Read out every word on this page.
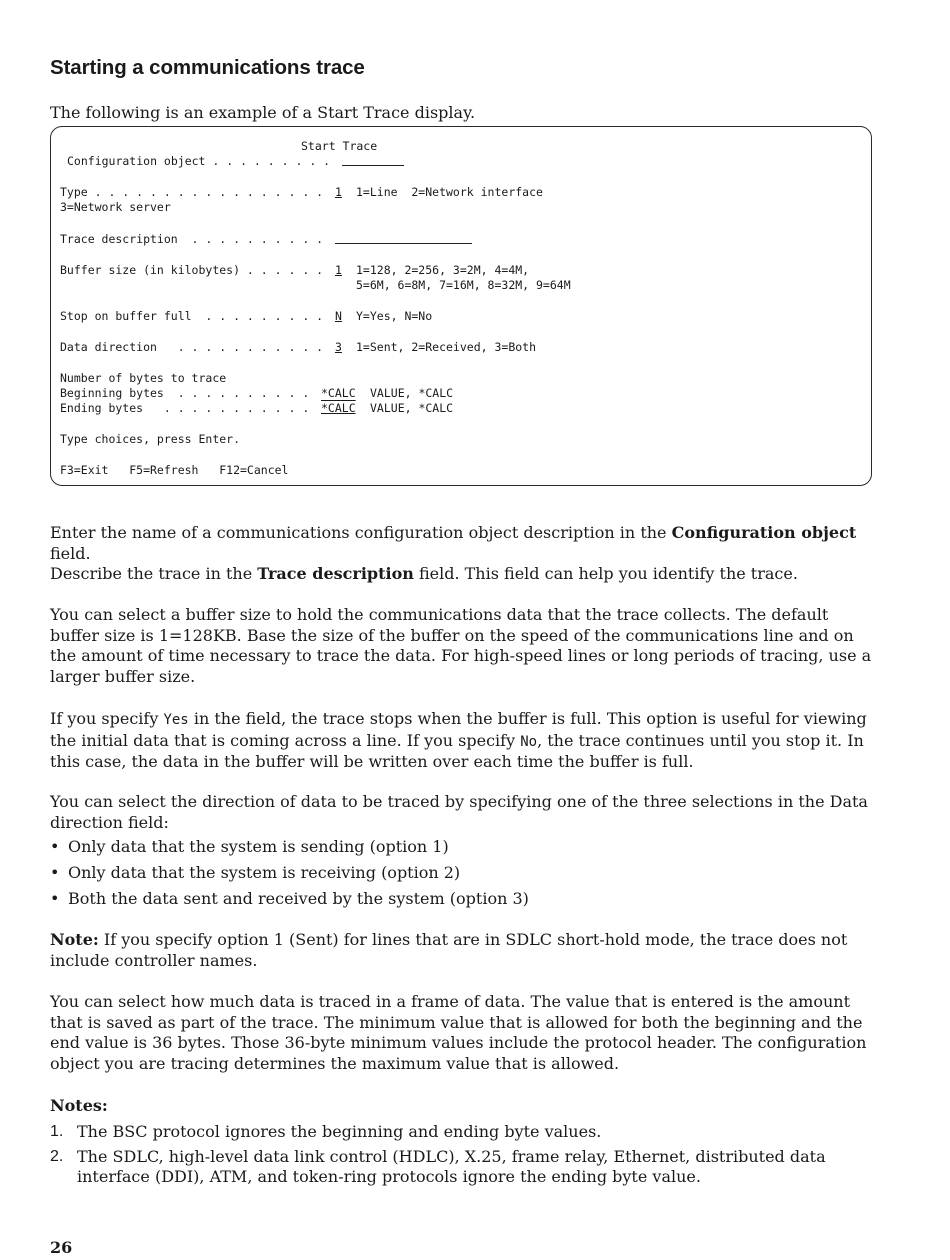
Starting a communications trace

The following is an example of a Start Trace display.

Start Trace
Configuration object . . . . . . . . .
Type . . . . . . . . . . . . . . . . . 1 1=Line  2=Network interface
3=Network server
Trace description  . . . . . . . . . .
Buffer size (in kilobytes) . . . . . . 1 1=128, 2=256, 3=2M, 4=4M,
5=6M, 6=8M, 7=16M, 8=32M, 9=64M
Stop on buffer full  . . . . . . . . . N Y=Yes, N=No
Data direction   . . . . . . . . . . . 3 1=Sent, 2=Received, 3=Both
Number of bytes to trace
Beginning bytes  . . . . . . . . . . *CALC VALUE, *CALC
*CALC
Ending bytes   . . . . . . . . . . .	VALUE, *CALC
Type choices, press Enter.
F3=Exit   F5=Refresh   F12=Cancel

Enter the name of a communications configuration object description in the Configuration object field.

Describe the trace in the Trace description field. This field can help you identify the trace.

You can select a buffer size to hold the communications data that the trace collects. The default buffer size is 1=128KB. Base the size of the buffer on the speed of the communications line and on the amount of time necessary to trace the data. For high-speed lines or long periods of tracing, use a larger buffer size.

If you specify Yes in the field, the trace stops when the buffer is full. This option is useful for viewing the initial data that is coming across a line. If you specify No, the trace continues until you stop it. In this case, the data in the buffer will be written over each time the buffer is full.

You can select the direction of data to be traced by specifying one of the three selections in the Data direction field:

• Only data that the system is sending (option 1)
• Only data that the system is receiving (option 2)
• Both the data sent and received by the system (option 3)

Note: If you specify option 1 (Sent) for lines that are in SDLC short-hold mode, the trace does not include controller names.

You can select how much data is traced in a frame of data. The value that is entered is the amount that is saved as part of the trace. The minimum value that is allowed for both the beginning and the end value is 36 bytes. Those 36-byte minimum values include the protocol header. The configuration object you are tracing determines the maximum value that is allowed.

Notes:

1. The BSC protocol ignores the beginning and ending byte values.
2. The SDLC, high-level data link control (HDLC), X.25, frame relay, Ethernet, distributed data interface (DDI), ATM, and token-ring protocols ignore the ending byte value.
26
